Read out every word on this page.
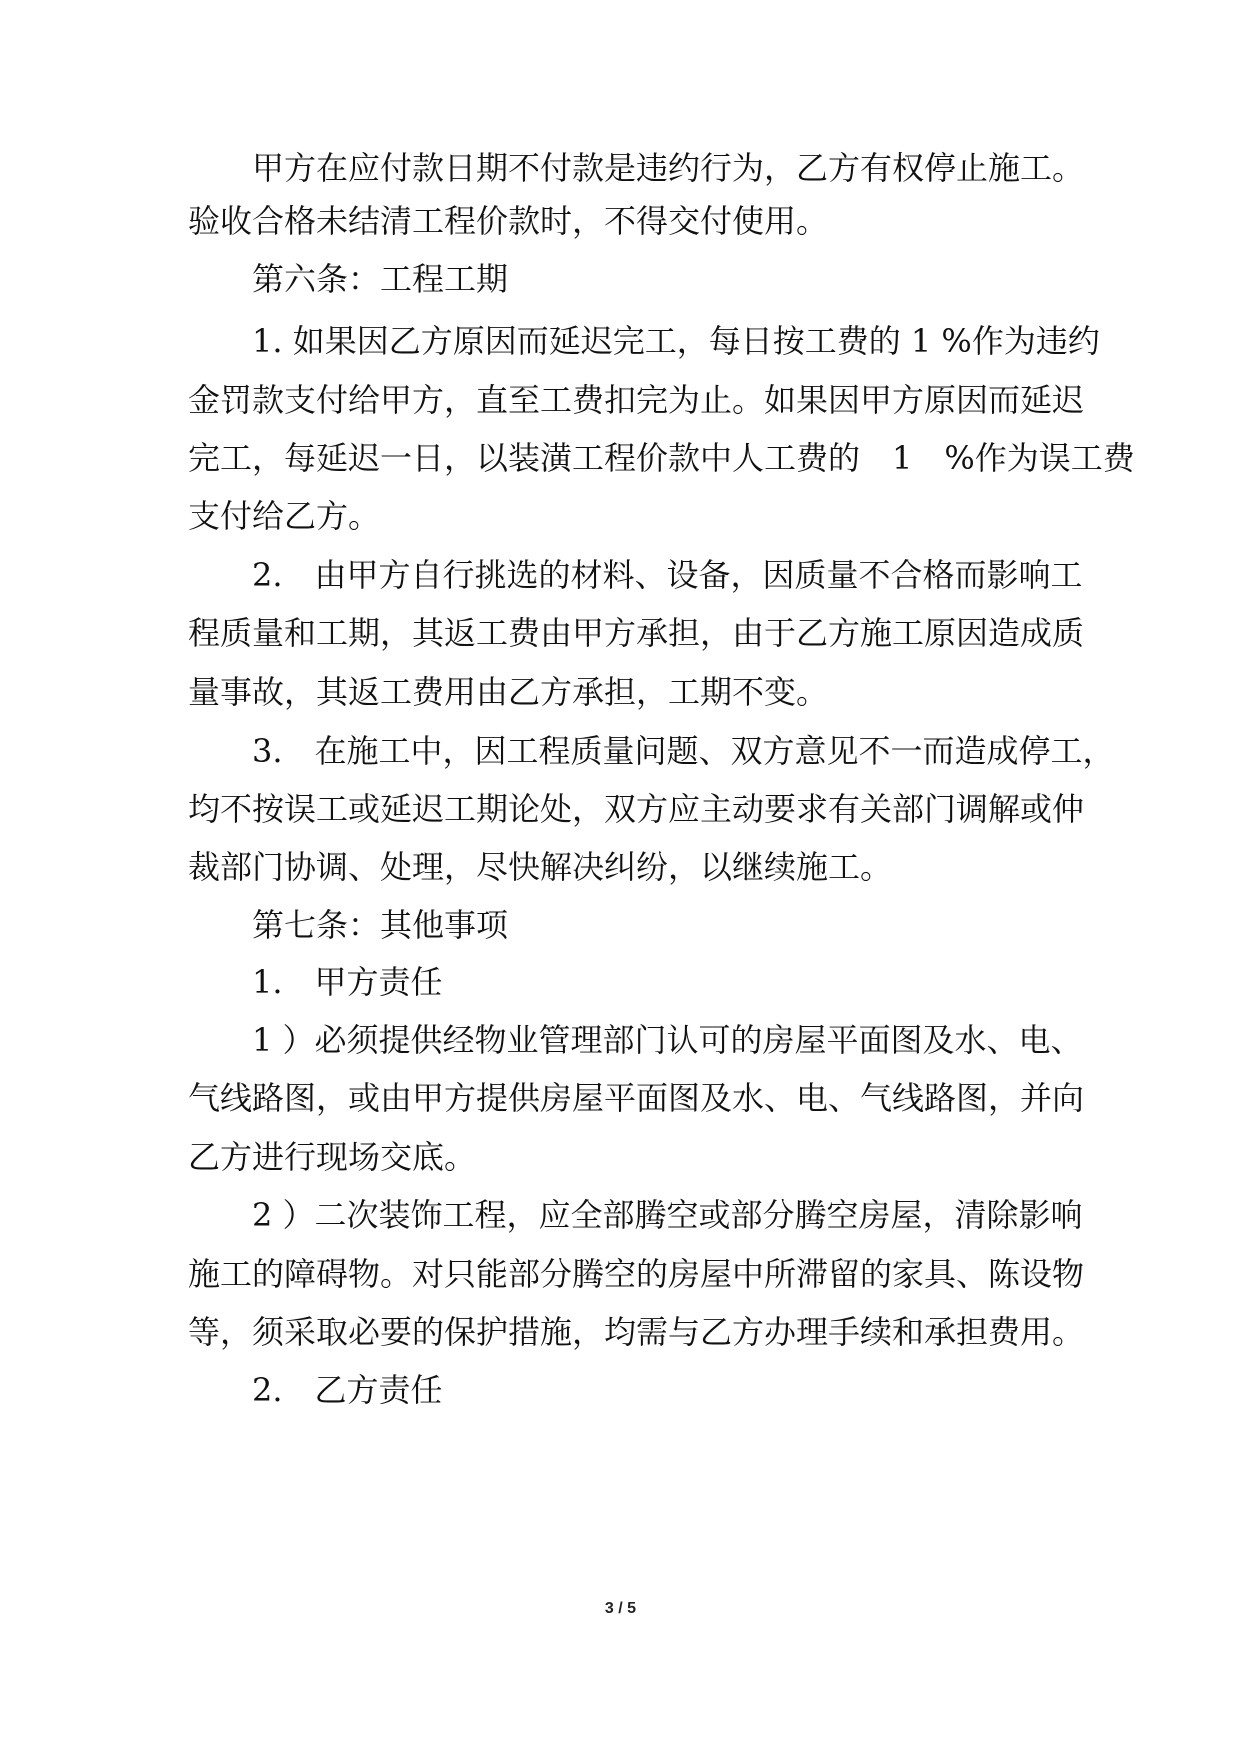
　　甲方在应付款日期不付款是违约行为，乙方有权停止施工。
验收合格未结清工程价款时，不得交付使用。
　　第六条：工程工期
　　1. 如果因乙方原因而延迟完工，每日按工费的 1 %作为违约
金罚款支付给甲方，直至工费扣完为止。如果因甲方原因而延迟
完工，每延迟一日，以装潢工程价款中人工费的　1　%作为误工费
支付给乙方。
　　2.　由甲方自行挑选的材料、设备，因质量不合格而影响工
程质量和工期，其返工费由甲方承担，由于乙方施工原因造成质
量事故，其返工费用由乙方承担，工期不变。
　　3.　在施工中，因工程质量问题、双方意见不一而造成停工，
均不按误工或延迟工期论处，双方应主动要求有关部门调解或仲
裁部门协调、处理，尽快解决纠纷，以继续施工。
　　第七条：其他事项
　　1.　甲方责任
　　1 ）必须提供经物业管理部门认可的房屋平面图及水、电、
气线路图，或由甲方提供房屋平面图及水、电、气线路图，并向
乙方进行现场交底。
　　2 ）二次装饰工程，应全部腾空或部分腾空房屋，清除影响
施工的障碍物。对只能部分腾空的房屋中所滞留的家具、陈设物
等，须采取必要的保护措施，均需与乙方办理手续和承担费用。
　　2.　乙方责任
3 / 5
